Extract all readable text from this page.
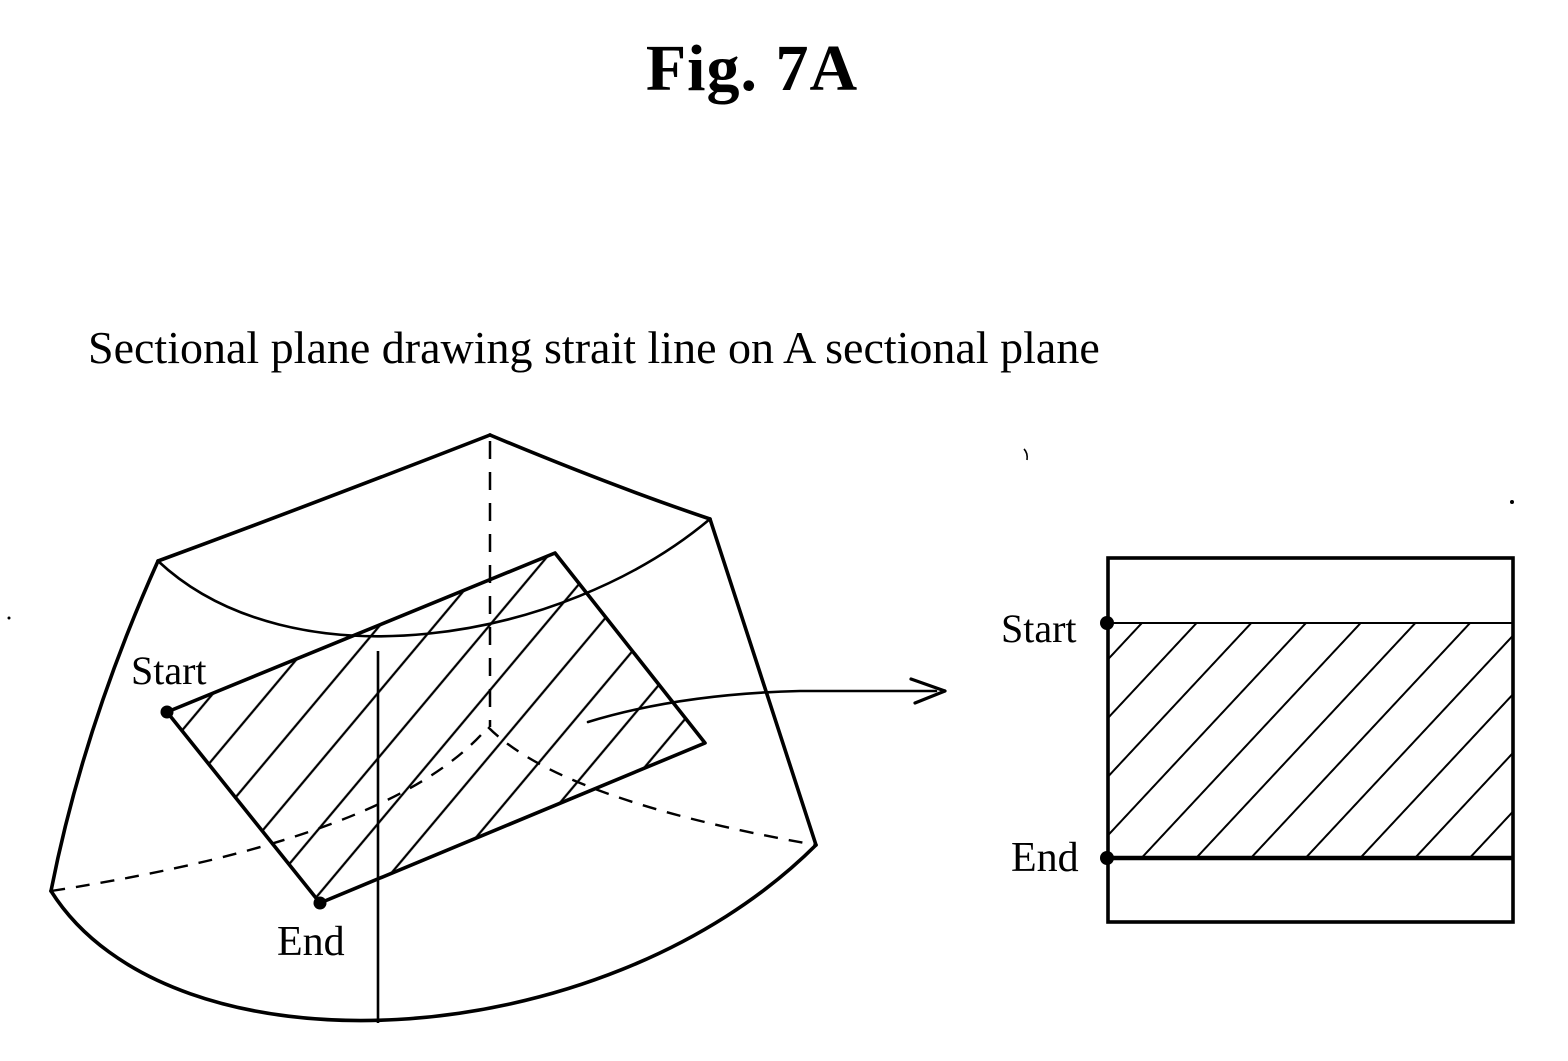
Fig. 7A
Sectional plane drawing strait line on A sectional plane
Start
End
Start
End
